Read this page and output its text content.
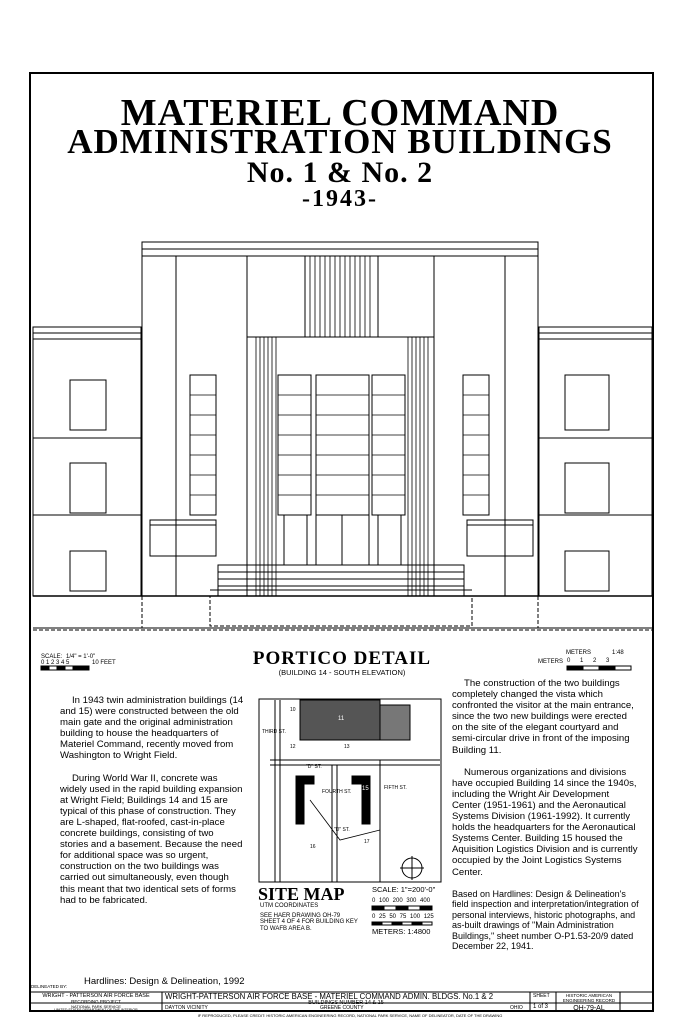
MATERIEL COMMAND
ADMINISTRATION BUILDINGS
No. 1 & No. 2
-1943-
PORTICO DETAIL
(BUILDING 14 - SOUTH ELEVATION)
SCALE: 1/4" = 1'-0"
0 1 2 3 4 5	10 FEET
METERS	1:48
METERS 0 1 2 3

In 1943 twin administration buildings (14 and 15) were constructed between the old main gate and the original administration building to house the headquarters of Materiel Command, recently moved from Washington to Wright Field.

During World War II, concrete was widely used in the rapid building expansion at Wright Field; Buildings 14 and 15 are typical of this phase of construction. They are L-shaped, flat-roofed, cast-in-place concrete buildings, consisting of two stories and a basement. Because the need for additional space was so urgent, construction on the two buildings was carried out simultaneously, even though this meant that two identical sets of forms had to be fabricated.

The construction of the two buildings completely changed the vista which confronted the visitor at the main entrance, since the two new buildings were erected on the site of the elegant courtyard and semi-circular drive in front of the imposing Building 11.

Numerous organizations and divisions have occupied Building 14 since the 1940s, including the Wright Air Development Center (1951-1961) and the Aeronautical Systems Division (1961-1992). It currently holds the headquarters for the Aeronautical Systems Center. Building 15 housed the Aquisition Logistics Division and is currently occupied by the Joint Logistics Systems Center.

Based on Hardlines: Design & Delineation's field inspection and interpretation/integration of personal interviews, historic photographs, and as-built drawings of "Main Administration Buildings," sheet number O-P1.53-20/9 dated December 22, 1941.

"D" ST.
FOURTH ST.
FIFTH ST.
"D" ST.
THIRD ST.
14	15
11
10
12	13
16
17
SITE MAP
UTM COORDINATES
SEE HAER DRAWING OH-79 SHEET 4 OF 4 FOR BUILDING KEY TO WAFB AREA B.
SCALE: 1"=200'-0"
0 100 200 300 400
0 25 50 75 100 125
METERS: 1:4800
Hardlines: Design & Delineation, 1992
DELINEATED BY:
WRIGHT - PATTERSON AIR FORCE BASE
RECORDING PROJECT
NATIONAL PARK SERVICE
UNITED STATES DEPARTMENT OF THE INTERIOR
WRIGHT-PATTERSON AIR FORCE BASE - MATERIEL COMMAND ADMIN. BLDGS. No.1 & 2
BUILDINGS NUMBER 14 & 15
DAYTON VICINITY	GREENE COUNTY	OHIO
SHEET
1 of 3
HISTORIC AMERICAN
ENGINEERING RECORD
OH-79-AL
IF REPRODUCED, PLEASE CREDIT: HISTORIC AMERICAN ENGINEERING RECORD, NATIONAL PARK SERVICE, NAME OF DELINEATOR, DATE OF THE DRAWING
